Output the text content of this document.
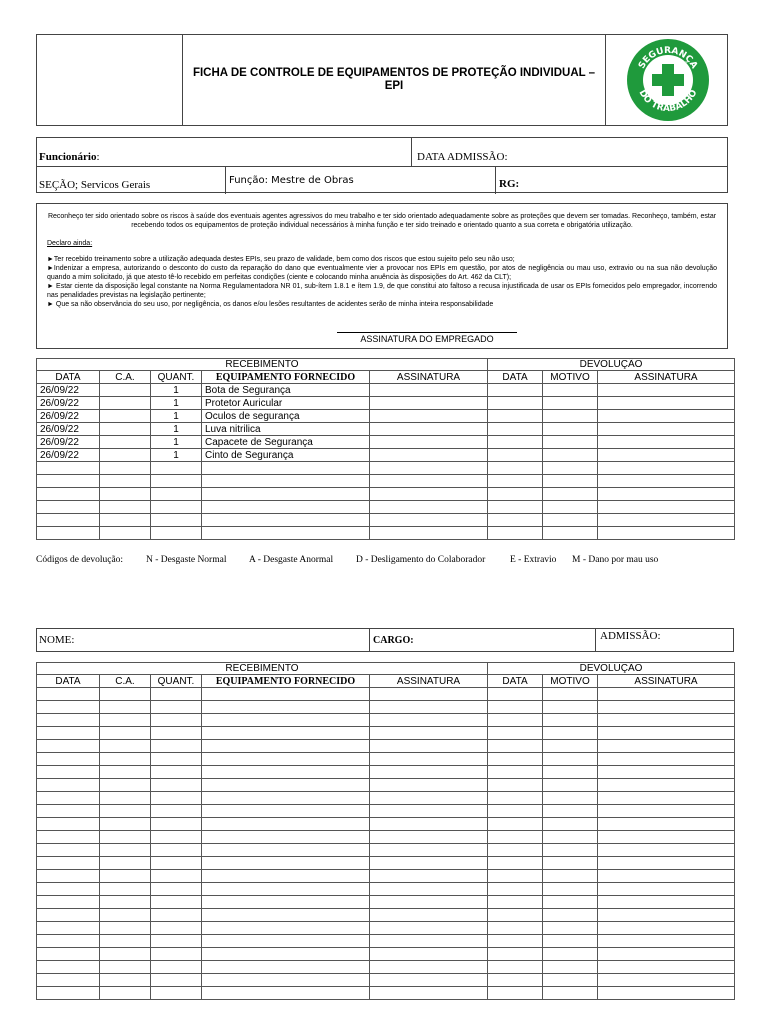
FICHA DE CONTROLE DE EQUIPAMENTOS DE PROTEÇÃO INDIVIDUAL – EPI
SEGURANÇA
DO TRABALHO
Funcionário:	DATA ADMISSÃO:
SEÇÃO; Servicos Gerais	Função: Mestre de Obras	RG:

Reconheço ter sido orientado sobre os riscos à saúde dos eventuais agentes agressivos do meu trabalho e ter sido orientado adequadamente sobre as proteções que devem ser tomadas. Reconheço, também, estar recebendo todos os equipamentos de proteção individual necessários à minha função e ter sido treinado e orientado quanto a sua correta e obrigatória utilização.

Declaro ainda:

►Ter recebido treinamento sobre a utilização adequada destes EPIs, seu prazo de validade, bem como dos riscos que estou sujeito pelo seu não uso;

►Indenizar a empresa, autorizando o desconto do custo da reparação do dano que eventualmente vier a provocar nos EPIs em questão, por atos de negligência ou mau uso, extravio ou na sua não devolução quando a mim solicitado, já que atesto tê-lo recebido em perfeitas condições (ciente e colocando minha anuência às disposições do Art. 462 da CLT);

► Estar ciente da disposição legal constante na Norma Regulamentadora NR 01, sub-ítem 1.8.1 e ítem 1.9, de que constitui ato faltoso a recusa injustificada de usar os EPIs fornecidos pelo empregador, incorrendo nas penalidades previstas na legislação pertinente;

► Que sa não observância do seu uso, por negligência, os danos e/ou lesões resultantes de acidentes serão de minha inteira responsabilidade

ASSINATURA DO EMPREGADO
RECEBIMENTO					DEVOLUÇÃO		
DATA	C.A.	QUANT.	EQUIPAMENTO FORNECIDO	ASSINATURA	DATA	MOTIVO	ASSINATURA
26/09/22		1	Bota de Segurança				
26/09/22		1	Protetor Auricular				
26/09/22		1	Oculos de segurança				
26/09/22		1	Luva nitrilica				
26/09/22		1	Capacete de Segurança				
26/09/22		1	Cinto de Segurança				

Códigos de devolução: N - Desgaste Normal A - Desgaste Anormal D - Desligamento do Colaborador	E - Extravio M - Dano por mau uso
NOME:	CARGO:	ADMISSÃO:
RECEBIMENTO					DEVOLUÇÃO		
DATA	C.A.	QUANT.	EQUIPAMENTO FORNECIDO	ASSINATURA	DATA	MOTIVO	ASSINATURA
